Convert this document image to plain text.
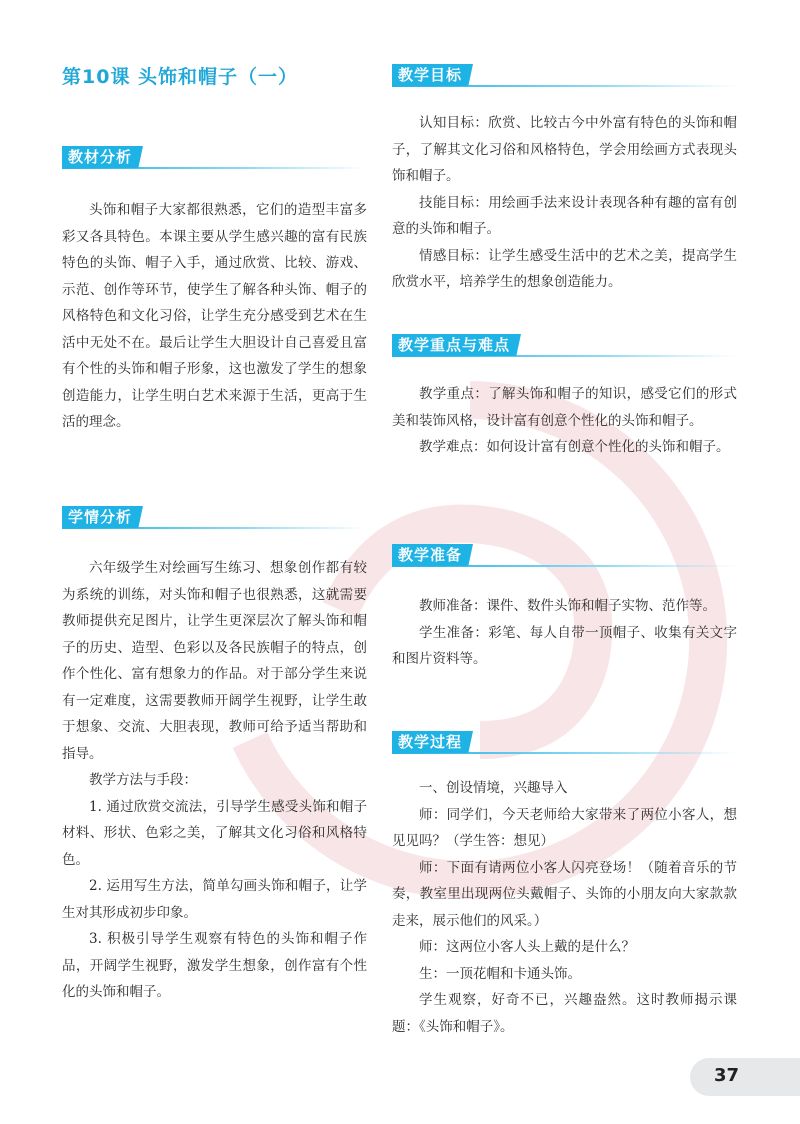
第10课 头饰和帽子（一）
教材分析

头饰和帽子大家都很熟悉，它们的造型丰富多彩又各具特色。本课主要从学生感兴趣的富有民族特色的头饰、帽子入手，通过欣赏、比较、游戏、示范、创作等环节，使学生了解各种头饰、帽子的风格特色和文化习俗，让学生充分感受到艺术在生活中无处不在。最后让学生大胆设计自己喜爱且富有个性的头饰和帽子形象，这也激发了学生的想象创造能力，让学生明白艺术来源于生活，更高于生活的理念。

学情分析

六年级学生对绘画写生练习、想象创作都有较为系统的训练，对头饰和帽子也很熟悉，这就需要教师提供充足图片，让学生更深层次了解头饰和帽子的历史、造型、色彩以及各民族帽子的特点，创作个性化、富有想象力的作品。对于部分学生来说有一定难度，这需要教师开阔学生视野，让学生敢于想象、交流、大胆表现，教师可给予适当帮助和指导。

教学方法与手段：

1. 通过欣赏交流法，引导学生感受头饰和帽子材料、形状、色彩之美，了解其文化习俗和风格特色。

2. 运用写生方法，简单勾画头饰和帽子，让学生对其形成初步印象。

3. 积极引导学生观察有特色的头饰和帽子作品，开阔学生视野，激发学生想象，创作富有个性化的头饰和帽子。

教学目标

认知目标：欣赏、比较古今中外富有特色的头饰和帽子，了解其文化习俗和风格特色，学会用绘画方式表现头饰和帽子。

技能目标：用绘画手法来设计表现各种有趣的富有创意的头饰和帽子。

情感目标：让学生感受生活中的艺术之美，提高学生欣赏水平，培养学生的想象创造能力。

教学重点与难点

教学重点：了解头饰和帽子的知识，感受它们的形式美和装饰风格，设计富有创意个性化的头饰和帽子。

教学难点：如何设计富有创意个性化的头饰和帽子。

教学准备

教师准备：课件、数件头饰和帽子实物、范作等。

学生准备：彩笔、每人自带一顶帽子、收集有关文字和图片资料等。

教学过程

一、创设情境，兴趣导入

师：同学们，今天老师给大家带来了两位小客人，想见见吗？（学生答：想见）

师：下面有请两位小客人闪亮登场！（随着音乐的节奏，教室里出现两位头戴帽子、头饰的小朋友向大家款款走来，展示他们的风采。）

师：这两位小客人头上戴的是什么？

生：一顶花帽和卡通头饰。

学生观察，好奇不已，兴趣盎然。这时教师揭示课题：《头饰和帽子》。

37
